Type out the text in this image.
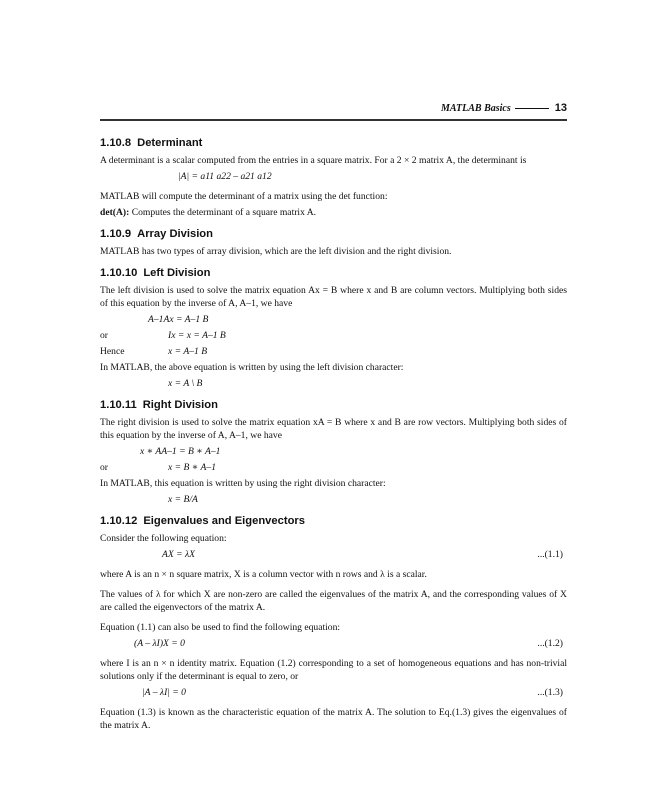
MATLAB Basics	13
1.10.8 Determinant

A determinant is a scalar computed from the entries in a square matrix. For a 2 × 2 matrix A, the determinant is

|A| = a11 a22 – a21 a12

MATLAB will compute the determinant of a matrix using the det function:

det(A): Computes the determinant of a square matrix A.

1.10.9 Array Division

MATLAB has two types of array division, which are the left division and the right division.

1.10.10 Left Division

The left division is used to solve the matrix equation Ax = B where x and B are column vectors. Multiplying both sides of this equation by the inverse of A, A–1, we have

A–1Ax = A–1 B
or	Ix = x = A–1 B
Hence	x = A–1 B

In MATLAB, the above equation is written by using the left division character:

x = A \ B
1.10.11 Right Division

The right division is used to solve the matrix equation xA = B where x and B are row vectors. Multiplying both sides of this equation by the inverse of A, A–1, we have

x ∗ AA–1 = B ∗ A–1
or	x = B ∗ A–1

In MATLAB, this equation is written by using the right division character:

x = B/A
1.10.12 Eigenvalues and Eigenvectors

Consider the following equation:

AX = λX	...(1.1)

where A is an n × n square matrix, X is a column vector with n rows and λ is a scalar.

The values of λ for which X are non-zero are called the eigenvalues of the matrix A, and the corresponding values of X are called the eigenvectors of the matrix A.

Equation (1.1) can also be used to find the following equation:

(A – λI)X = 0	...(1.2)

where I is an n × n identity matrix. Equation (1.2) corresponding to a set of homogeneous equations and has non-trivial solutions only if the determinant is equal to zero, or

|A – λI| = 0	...(1.3)

Equation (1.3) is known as the characteristic equation of the matrix A. The solution to Eq.(1.3) gives the eigenvalues of the matrix A.
